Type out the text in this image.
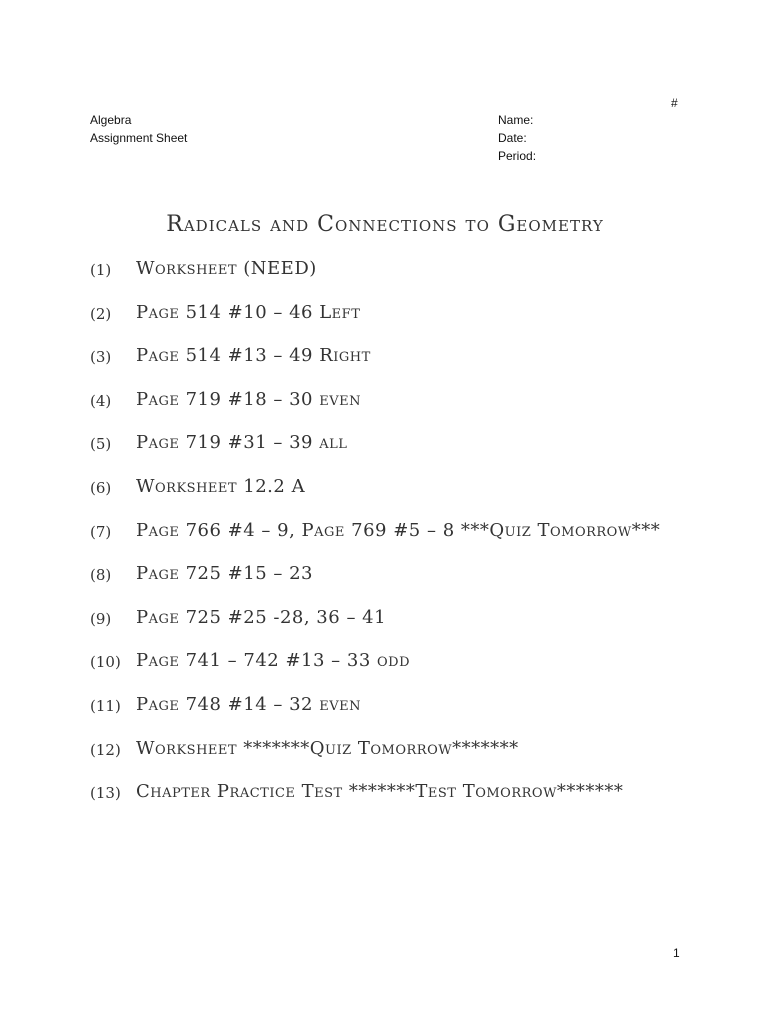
#
Algebra
Assignment Sheet
Name:
Date:
Period:
Radicals and Connections to Geometry
(1)	Worksheet (NEED)
(2)	Page 514 #10 – 46 Left
(3)	Page 514 #13 – 49 Right
(4)	Page 719 #18 – 30 even
(5)	Page 719 #31 – 39 all
(6)	Worksheet 12.2 A
(7)	Page 766 #4 – 9, Page 769 #5 – 8 ***Quiz Tomorrow***
(8)	Page 725 #15 – 23
(9)	Page 725 #25 -28, 36 – 41
(10) Page 741 – 742 #13 – 33 odd
(11) Page 748 #14 – 32 even
(12) Worksheet *******Quiz Tomorrow*******
(13) Chapter Practice Test *******Test Tomorrow*******
1
